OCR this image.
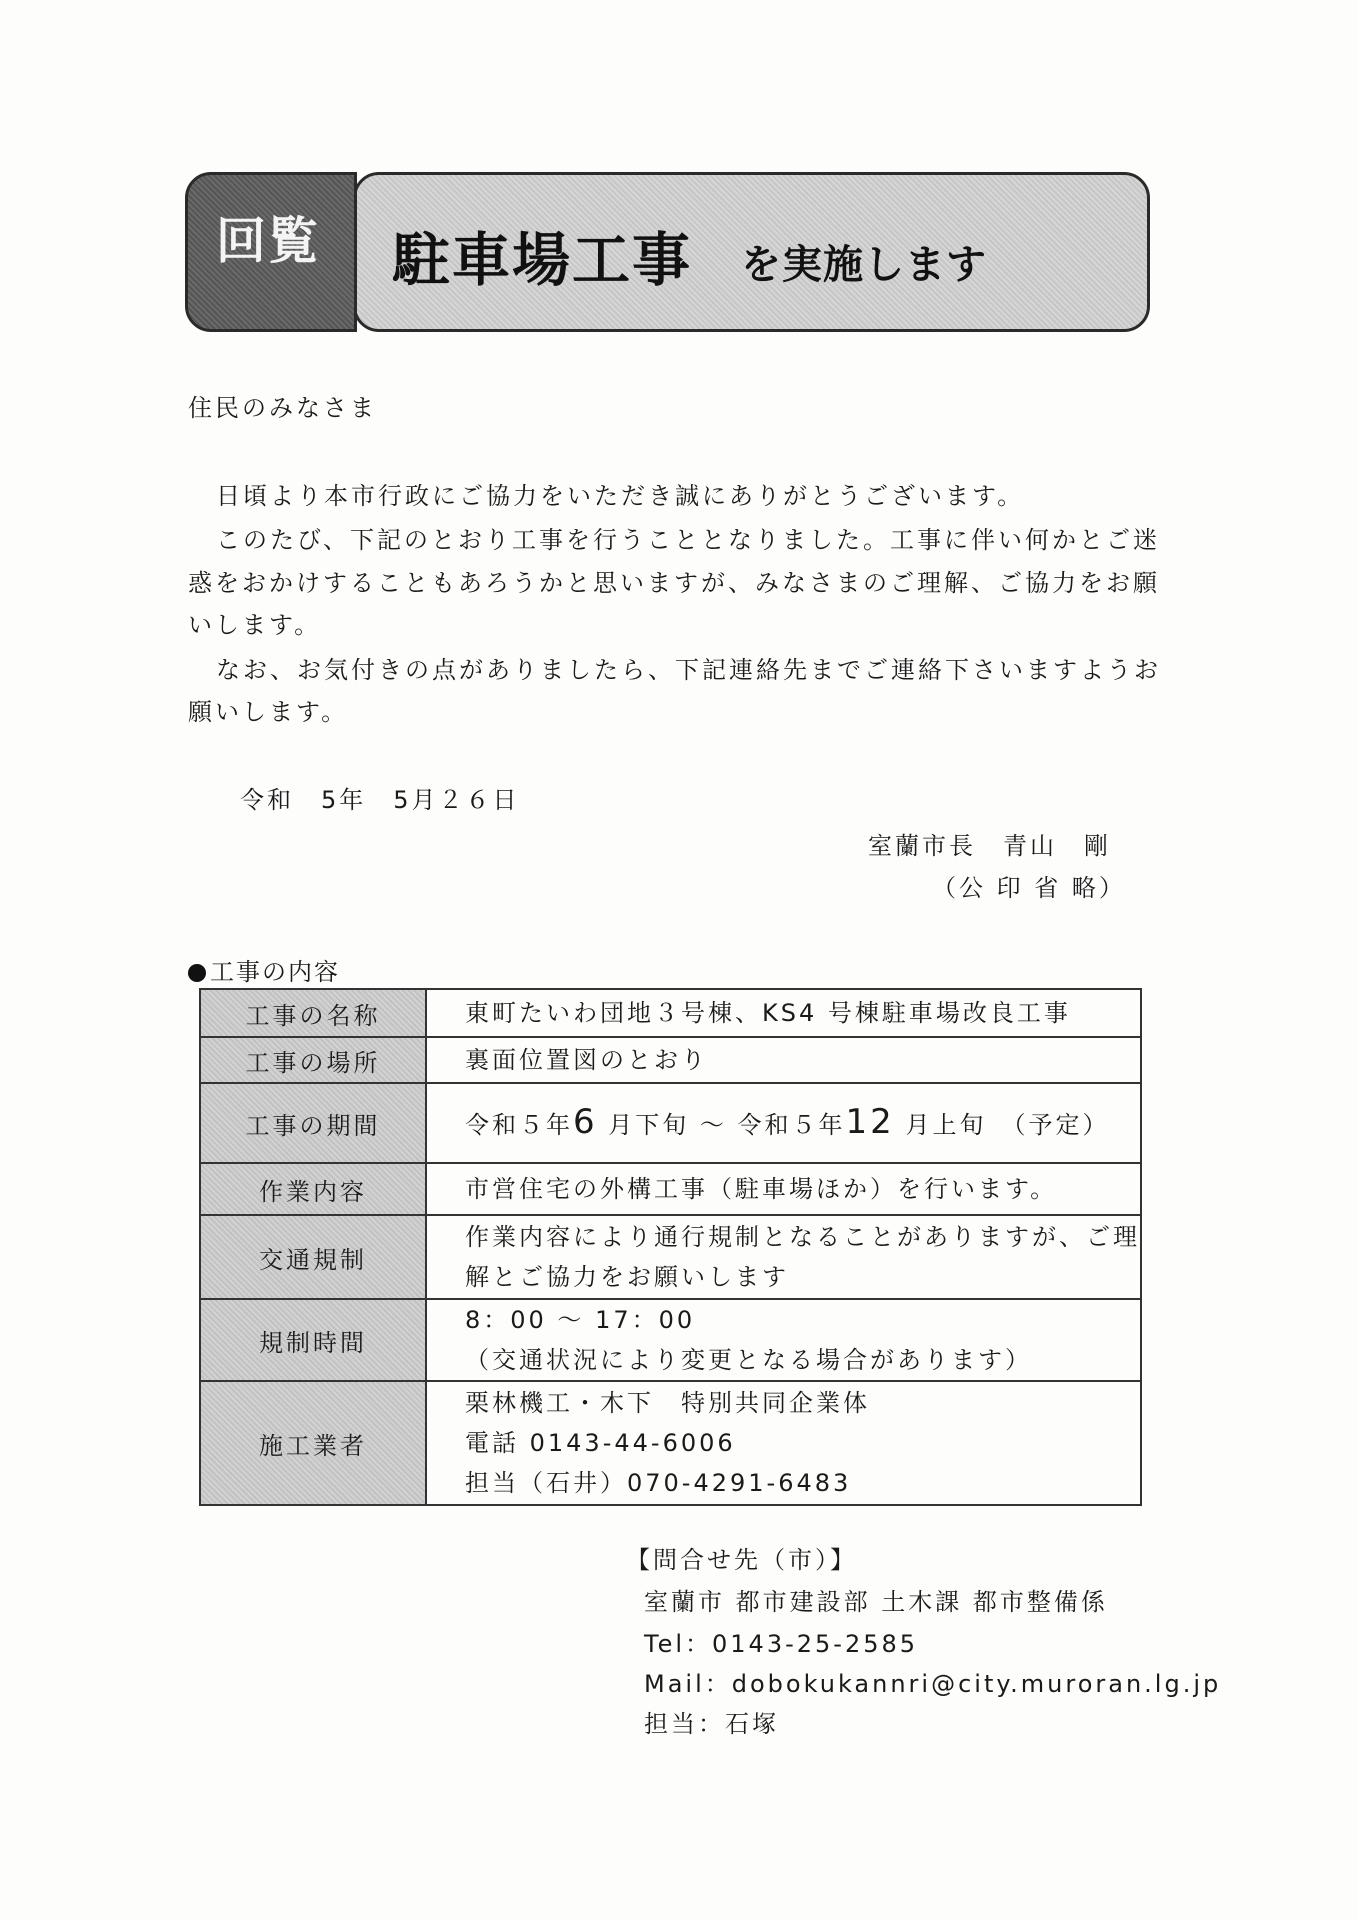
駐車場工事 を実施します
回覧
住民のみなさま
日頃より本市行政にご協力をいただき誠にありがとうございます。
このたび、下記のとおり工事を行うこととなりました。工事に伴い何かとご迷
惑をおかけすることもあろうかと思いますが、みなさまのご理解、ご協力をお願
いします。
なお、お気付きの点がありましたら、下記連絡先までご連絡下さいますようお
願いします。
令和　5年　5月２６日
室蘭市長　青山　剛
（公 印 省 略）
工事の内容
工事の名称	東町たいわ団地３号棟、KS4 号棟駐車場改良工事
工事の場所	裏面位置図のとおり
工事の期間	令和５年6 月下旬 ～ 令和５年12 月上旬　（予定）
作業内容	市営住宅の外構工事（駐車場ほか）を行います。
交通規制	作業内容により通行規制となることがありますが、ご理
解とご協力をお願いします

規制時間	8：00 ～ 17：00
（交通状況により変更となる場合があります）

施工業者	栗林機工・木下　特別共同企業体
電話 0143-44-6006
担当（石井）070-4291-6483
【問合せ先（市）】
室蘭市 都市建設部 土木課 都市整備係
Tel：0143-25-2585
Mail：dobokukannri@city.muroran.lg.jp
担当：石塚
